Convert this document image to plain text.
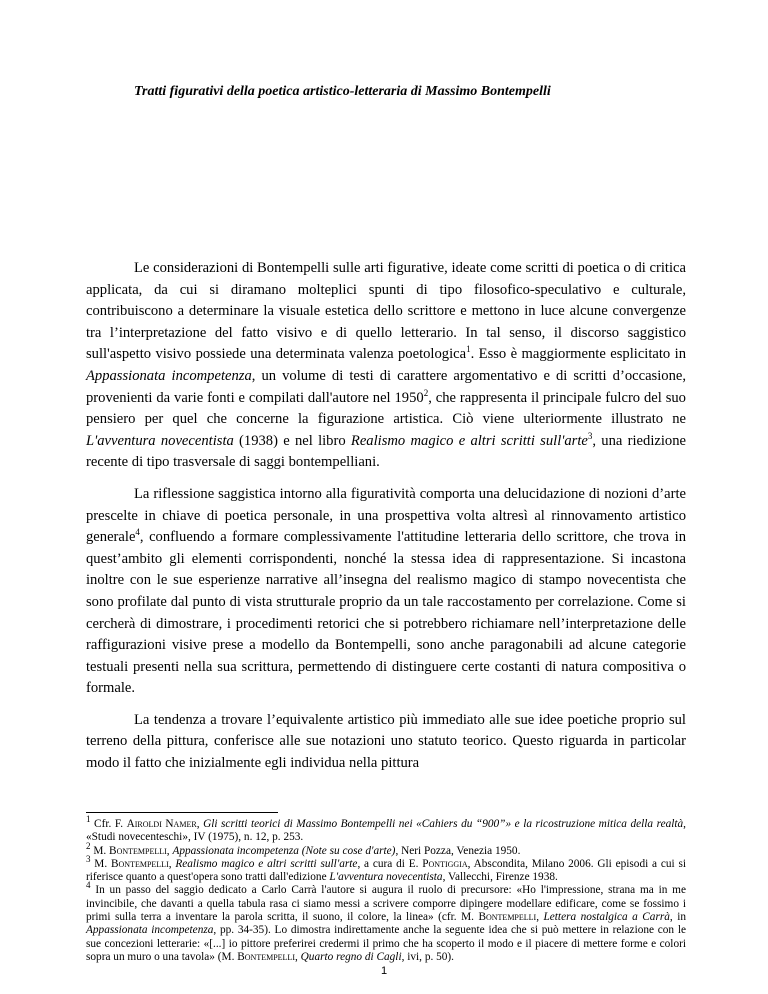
Tratti figurativi della poetica artistico-letteraria di Massimo Bontempelli

Le considerazioni di Bontempelli sulle arti figurative, ideate come scritti di poetica o di critica applicata, da cui si diramano molteplici spunti di tipo filosofico-speculativo e culturale, contribuiscono a determinare la visuale estetica dello scrittore e mettono in luce alcune convergenze tra l’interpretazione del fatto visivo e di quello letterario. In tal senso, il discorso saggistico sull'aspetto visivo possiede una determinata valenza poetologica$^1$. Esso è maggiormente esplicitato in Appassionata incompetenza, un volume di testi di carattere argomentativo e di scritti d’occasione, provenienti da varie fonti e compilati dall'autore nel 1950$^2$, che rappresenta il principale fulcro del suo pensiero per quel che concerne la figurazione artistica. Ciò viene ulteriormente illustrato ne L'avventura novecentista (1938) e nel libro Realismo magico e altri scritti sull'arte$^3$, una riedizione recente di tipo trasversale di saggi bontempelliani.

La riflessione saggistica intorno alla figuratività comporta una delucidazione di nozioni d’arte prescelte in chiave di poetica personale, in una prospettiva volta altresì al rinnovamento artistico generale$^4$, confluendo a formare complessivamente l'attitudine letteraria dello scrittore, che trova in quest’ambito gli elementi corrispondenti, nonché la stessa idea di rappresentazione. Si incastona inoltre con le sue esperienze narrative all’insegna del realismo magico di stampo novecentista che sono profilate dal punto di vista strutturale proprio da un tale raccostamento per correlazione. Come si cercherà di dimostrare, i procedimenti retorici che si potrebbero richiamare nell’interpretazione delle raffigurazioni visive prese a modello da Bontempelli, sono anche paragonabili ad alcune categorie testuali presenti nella sua scrittura, permettendo di distinguere certe costanti di natura compositiva o formale.

La tendenza a trovare l’equivalente artistico più immediato alle sue idee poetiche proprio sul terreno della pittura, conferisce alle sue notazioni uno statuto teorico. Questo riguarda in particolar modo il fatto che inizialmente egli individua nella pittura

$^1$ Cfr. F. Airoldi Namer, Gli scritti teorici di Massimo Bontempelli nei «Cahiers du “900”» e la ricostruzione mitica della realtà, «Studi novecenteschi», IV (1975), n. 12, p. 253.

$^2$ M. Bontempelli, Appassionata incompetenza (Note su cose d'arte), Neri Pozza, Venezia 1950.

$^3$ M. Bontempelli, Realismo magico e altri scritti sull'arte, a cura di E. Pontiggia, Abscondita, Milano 2006. Gli episodi a cui si riferisce quanto a quest'opera sono tratti dall'edizione L'avventura novecentista, Vallecchi, Firenze 1938.

$^4$ In un passo del saggio dedicato a Carlo Carrà l'autore si augura il ruolo di precursore: «Ho l'impressione, strana ma in me invincibile, che davanti a quella tabula rasa ci siamo messi a scrivere comporre dipingere modellare edificare, come se fossimo i primi sulla terra a inventare la parola scritta, il suono, il colore, la linea» (cfr. M. Bontempelli, Lettera nostalgica a Carrà, in Appassionata incompetenza, pp. 34-35). Lo dimostra indirettamente anche la seguente idea che si può mettere in relazione con le sue concezioni letterarie: «[...] io pittore preferirei credermi il primo che ha scoperto il modo e il piacere di mettere forme e colori sopra un muro o una tavola» (M. Bontempelli, Quarto regno di Cagli, ivi, p. 50).

1
